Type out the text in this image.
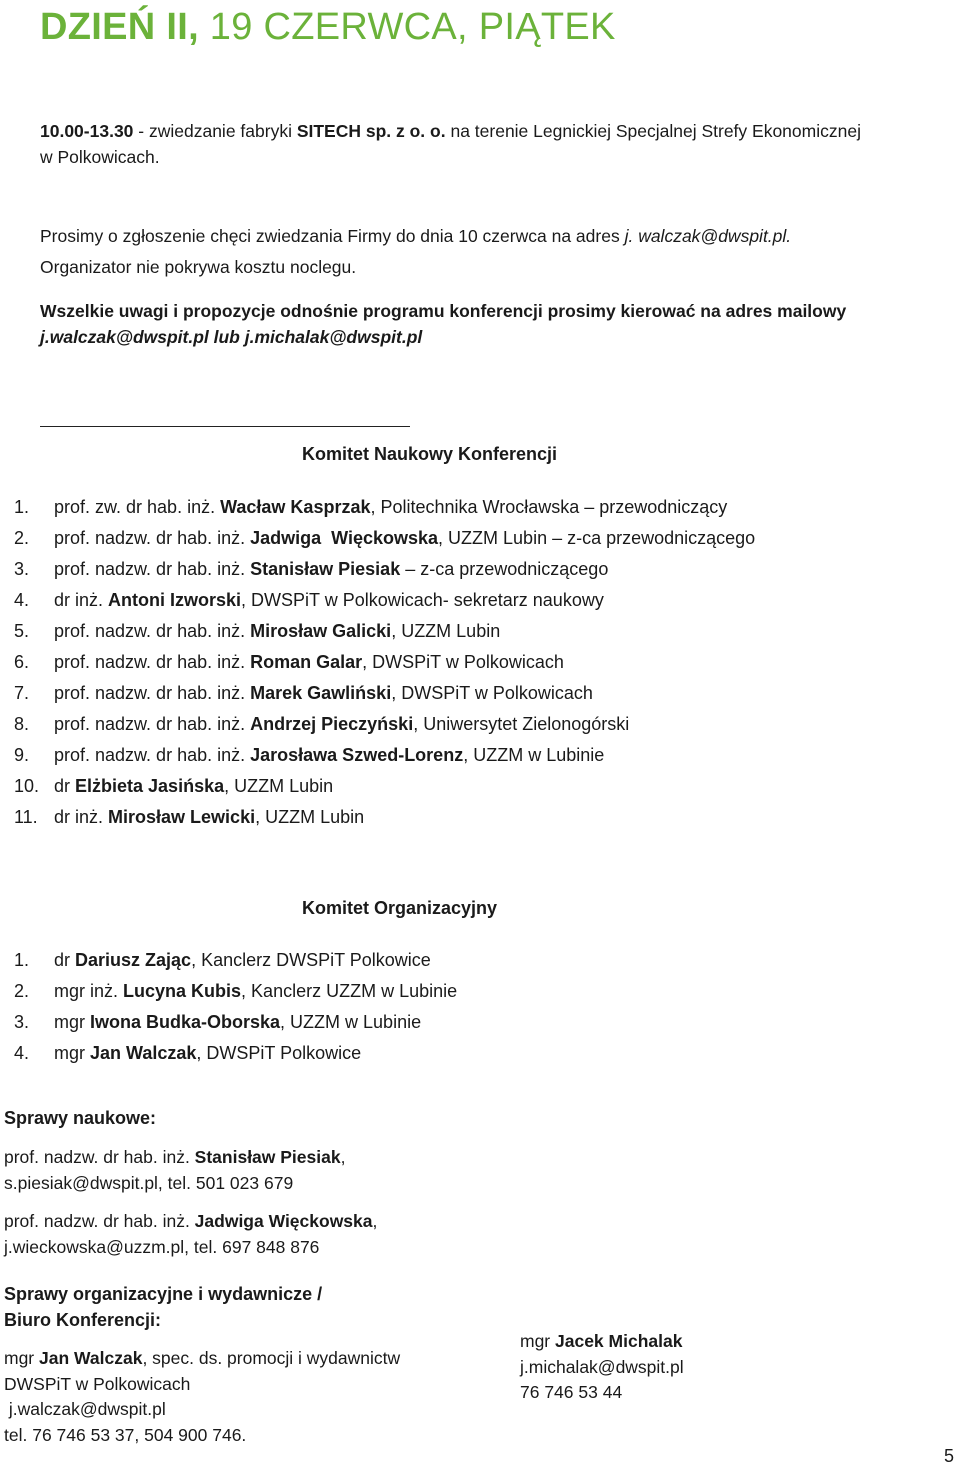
DZIEŃ II, 19 CZERWCA, PIĄTEK
10.00-13.30 - zwiedzanie fabryki SITECH sp. z o. o. na terenie Legnickiej Specjalnej Strefy Ekonomicznej
w Polkowicach.
Prosimy o zgłoszenie chęci zwiedzania Firmy do dnia 10 czerwca na adres j. walczak@dwspit.pl.
Organizator nie pokrywa kosztu noclegu.
Wszelkie uwagi i propozycje odnośnie programu konferencji prosimy kierować na adres mailowy
j.walczak@dwspit.pl lub j.michalak@dwspit.pl
Komitet Naukowy Konferencji
1.	prof. zw. dr hab. inż. Wacław Kasprzak, Politechnika Wrocławska – przewodniczący
2.	prof. nadzw. dr hab. inż. Jadwiga  Więckowska, UZZM Lubin – z-ca przewodniczącego
3.	prof. nadzw. dr hab. inż. Stanisław Piesiak – z-ca przewodniczącego
4.	dr inż. Antoni Izworski, DWSPiT w Polkowicach- sekretarz naukowy
5.	prof. nadzw. dr hab. inż. Mirosław Galicki, UZZM Lubin
6.	prof. nadzw. dr hab. inż. Roman Galar, DWSPiT w Polkowicach
7.	prof. nadzw. dr hab. inż. Marek Gawliński, DWSPiT w Polkowicach
8.	prof. nadzw. dr hab. inż. Andrzej Pieczyński, Uniwersytet Zielonogórski
9.	prof. nadzw. dr hab. inż. Jarosława Szwed-Lorenz, UZZM w Lubinie
10. dr Elżbieta Jasińska, UZZM Lubin
11. dr inż. Mirosław Lewicki, UZZM Lubin
Komitet Organizacyjny
1.	dr Dariusz Zając, Kanclerz DWSPiT Polkowice
2.	mgr inż. Lucyna Kubis, Kanclerz UZZM w Lubinie
3.	mgr Iwona Budka-Oborska, UZZM w Lubinie
4.	mgr Jan Walczak, DWSPiT Polkowice
Sprawy naukowe:
prof. nadzw. dr hab. inż. Stanisław Piesiak,
s.piesiak@dwspit.pl, tel. 501 023 679
prof. nadzw. dr hab. inż. Jadwiga Więckowska,
j.wieckowska@uzzm.pl, tel. 697 848 876
Sprawy organizacyjne i wydawnicze /
Biuro Konferencji:
mgr Jan Walczak, spec. ds. promocji i wydawnictw
DWSPiT w Polkowicach
j.walczak@dwspit.pl
tel. 76 746 53 37, 504 900 746.
mgr Jacek Michalak
j.michalak@dwspit.pl
76 746 53 44
5
